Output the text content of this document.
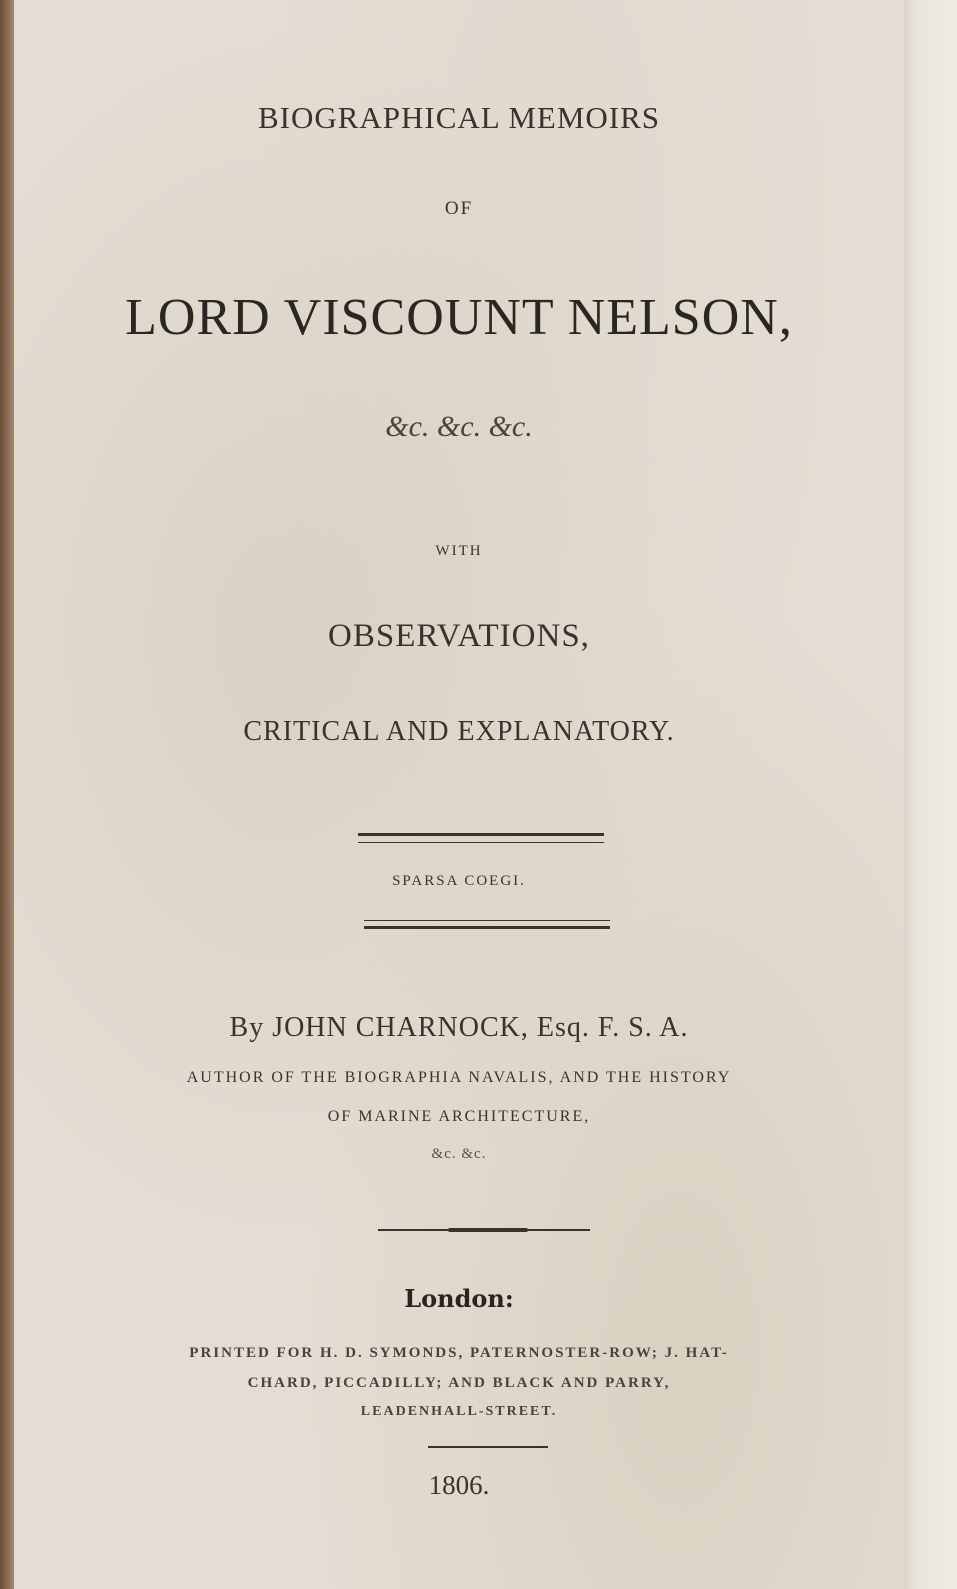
BIOGRAPHICAL MEMOIRS
OF
LORD VISCOUNT NELSON,
&c. &c. &c.
WITH
OBSERVATIONS,
CRITICAL AND EXPLANATORY.
SPARSA COEGI.
By JOHN CHARNOCK, Esq. F. S. A.
AUTHOR OF THE BIOGRAPHIA NAVALIS, AND THE HISTORY
OF MARINE ARCHITECTURE,
&c. &c.
London:
PRINTED FOR H. D. SYMONDS, PATERNOSTER-ROW; J. HAT-
CHARD, PICCADILLY; AND BLACK AND PARRY,
LEADENHALL-STREET.
1806.
